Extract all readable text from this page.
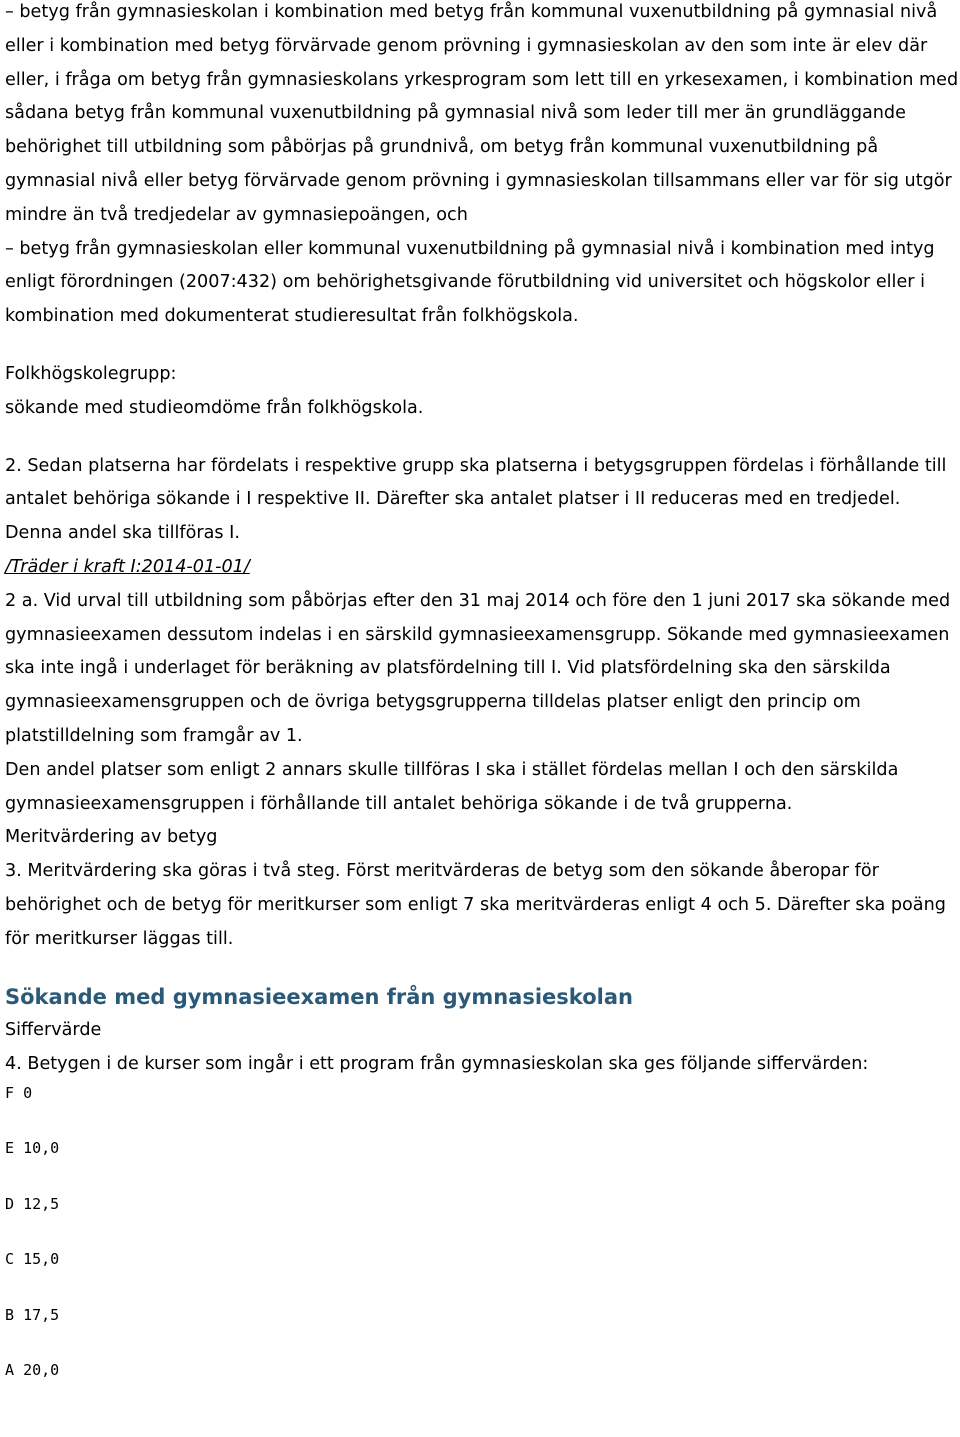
– betyg från gymnasieskolan i kombination med betyg från kommunal vuxenutbildning på gymnasial nivå eller i kombination med betyg förvärvade genom prövning i gymnasieskolan av den som inte är elev där eller, i fråga om betyg från gymnasieskolans yrkesprogram som lett till en yrkesexamen, i kombination med sådana betyg från kommunal vuxenutbildning på gymnasial nivå som leder till mer än grundläggande behörighet till utbildning som påbörjas på grundnivå, om betyg från kommunal vuxenutbildning på gymnasial nivå eller betyg förvärvade genom prövning i gymnasieskolan tillsammans eller var för sig utgör mindre än två tredjedelar av gymnasiepoängen, och

– betyg från gymnasieskolan eller kommunal vuxenutbildning på gymnasial nivå i kombination med intyg enligt förordningen (2007:432) om behörighetsgivande förutbildning vid universitet och högskolor eller i kombination med dokumenterat studieresultat från folkhögskola.

Folkhögskolegrupp:

sökande med studieomdöme från folkhögskola.

2. Sedan platserna har fördelats i respektive grupp ska platserna i betygsgruppen fördelas i förhållande till antalet behöriga sökande i I respektive II. Därefter ska antalet platser i II reduceras med en tredjedel. Denna andel ska tillföras I.

/Träder i kraft I:2014-01-01/

2 a. Vid urval till utbildning som påbörjas efter den 31 maj 2014 och före den 1 juni 2017 ska sökande med gymnasieexamen dessutom indelas i en särskild gymnasieexamensgrupp. Sökande med gymnasieexamen ska inte ingå i underlaget för beräkning av platsfördelning till I. Vid platsfördelning ska den särskilda gymnasieexamensgruppen och de övriga betygsgrupperna tilldelas platser enligt den princip om platstilldelning som framgår av 1.

Den andel platser som enligt 2 annars skulle tillföras I ska i stället fördelas mellan I och den särskilda gymnasieexamensgruppen i förhållande till antalet behöriga sökande i de två grupperna.

Meritvärdering av betyg

3. Meritvärdering ska göras i två steg. Först meritvärderas de betyg som den sökande åberopar för behörighet och de betyg för meritkurser som enligt 7 ska meritvärderas enligt 4 och 5. Därefter ska poäng för meritkurser läggas till.

Sökande med gymnasieexamen från gymnasieskolan

Siffervärde

4. Betygen i de kurser som ingår i ett program från gymnasieskolan ska ges följande siffervärden:

F 0
E 10,0
D 12,5
C 15,0
B 17,5
A 20,0
